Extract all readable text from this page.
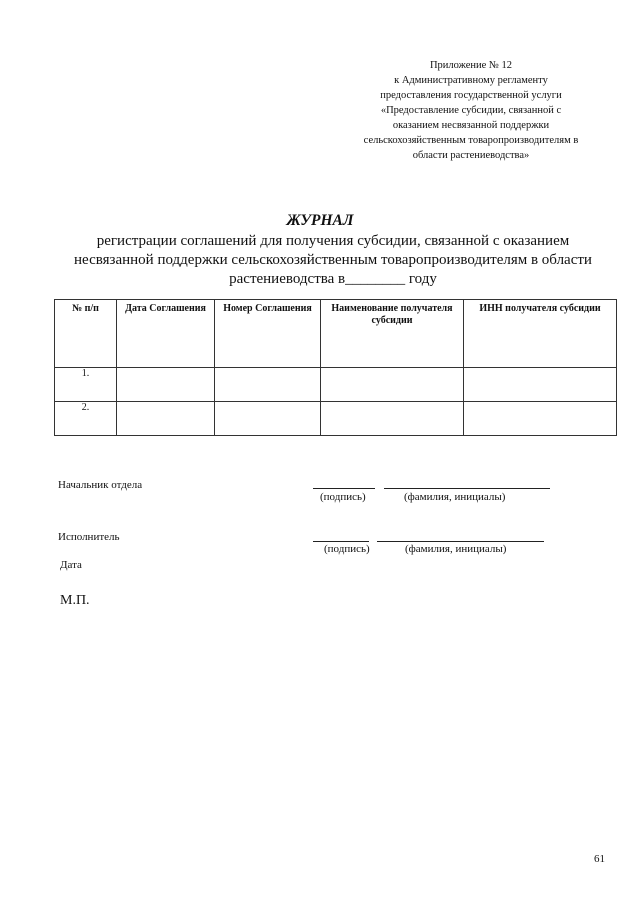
Приложение № 12
к Административному регламенту
предоставления государственной услуги
«Предоставление субсидии, связанной с
оказанием несвязанной поддержки
сельскохозяйственным товаропроизводителям в
области растениеводства»
ЖУРНАЛ
регистрации соглашений для получения субсидии, связанной с оказанием несвязанной поддержки сельскохозяйственным товаропроизводителям в области растениеводства в________ году
№ п/п	Дата Соглашения	Номер Соглашения	Наименование получателя субсидии	ИНН получателя субсидии
1.				
2.				
Начальник отдела
(подпись)	(фамилия, инициалы)
Исполнитель
(подпись)	(фамилия, инициалы)
Дата
М.П.
61
